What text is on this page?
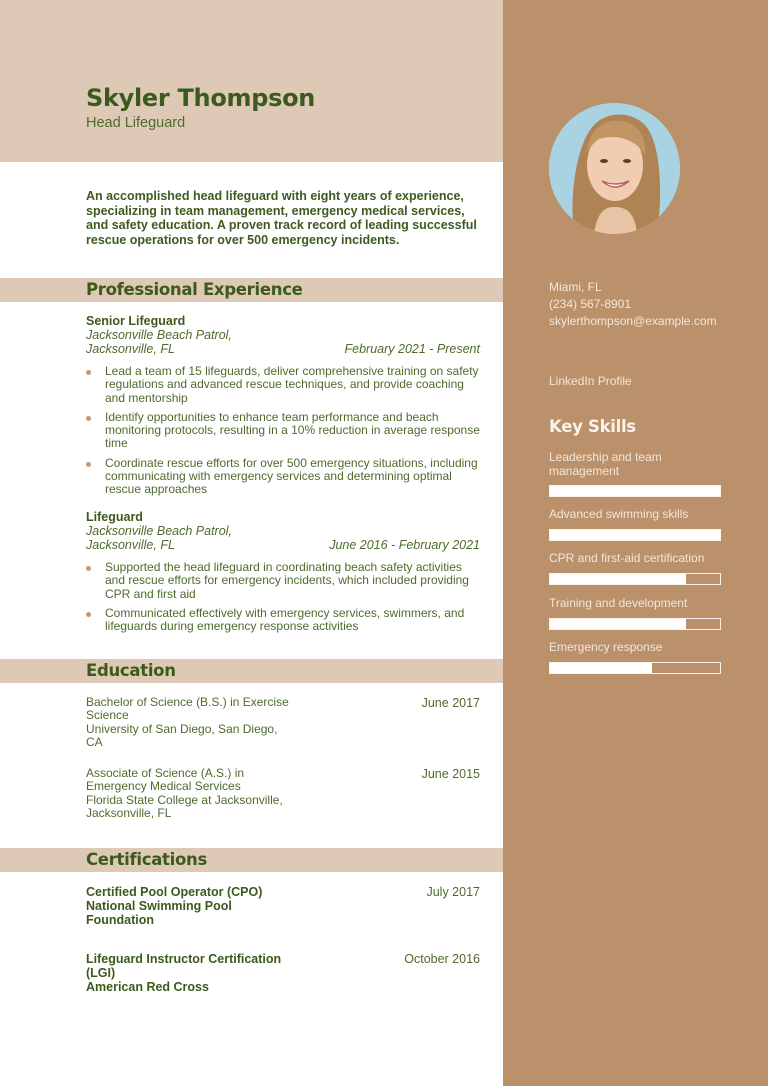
Skyler Thompson
Head Lifeguard
An accomplished head lifeguard with eight years of experience, specializing in team management, emergency medical services, and safety education. A proven track record of leading successful rescue operations for over 500 emergency incidents.
Professional Experience
Senior Lifeguard
Jacksonville Beach Patrol,
Jacksonville, FL	February 2021 - Present
Lead a team of 15 lifeguards, deliver comprehensive training on safety regulations and advanced rescue techniques, and provide coaching and mentorship
Identify opportunities to enhance team performance and beach monitoring protocols, resulting in a 10% reduction in average response time
Coordinate rescue efforts for over 500 emergency situations, including communicating with emergency services and determining optimal rescue approaches
Lifeguard
Jacksonville Beach Patrol,
Jacksonville, FL	June 2016 - February 2021
Supported the head lifeguard in coordinating beach safety activities and rescue efforts for emergency incidents, which included providing CPR and first aid
Communicated effectively with emergency services, swimmers, and lifeguards during emergency response activities
Education
Bachelor of Science (B.S.) in Exercise Science
University of San Diego, San Diego, CA
June 2017
Associate of Science (A.S.) in Emergency Medical Services
Florida State College at Jacksonville, Jacksonville, FL
June 2015
Certifications
Certified Pool Operator (CPO)
National Swimming Pool Foundation
July 2017
Lifeguard Instructor Certification (LGI)
American Red Cross
October 2016
Miami, FL
(234) 567-8901
skylerthompson@example.com
LinkedIn Profile
Key Skills
Leadership and team management
Advanced swimming skills
CPR and first-aid certification
Training and development
Emergency response
